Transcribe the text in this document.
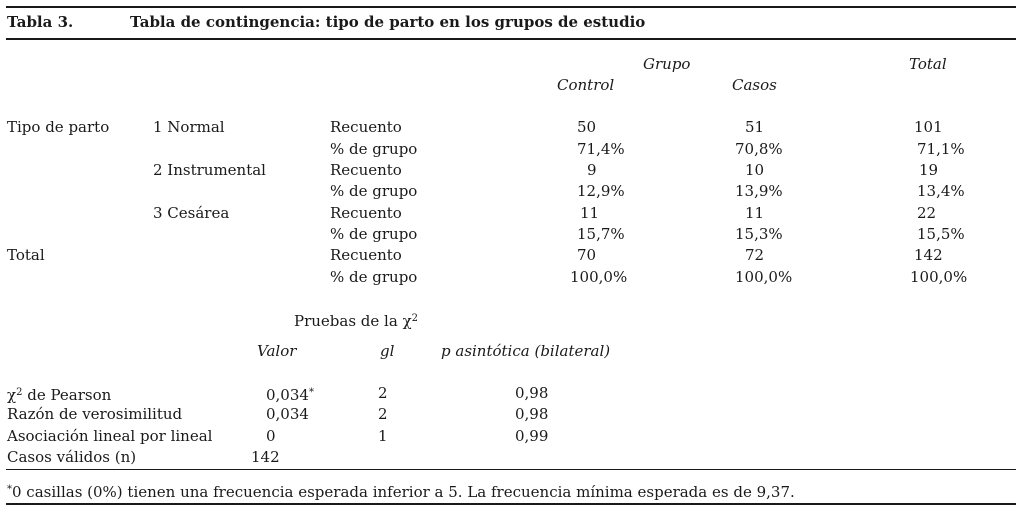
Tabla 3.	Tabla de contingencia: tipo de parto en los grupos de estudio
Grupo	Total
Control	Casos
Tipo de parto	1 Normal	Recuento	50	51	101
% de grupo	71,4%	70,8%	71,1%
2 Instrumental	Recuento	9	10	19
% de grupo	12,9%	13,9%	13,4%
3 Cesárea	Recuento	11	11	22
% de grupo	15,7%	15,3%	15,5%
Total	Recuento	70	72	142
% de grupo	100,0%	100,0%	100,0%
Pruebas de la $\chi^2$
Valor	gl	p asintótica (bilateral)
$\chi^2$ de Pearson	0,034*	2	0,98
Razón de verosimilitud	0,034	2	0,98
Asociación lineal por lineal	0	1	0,99
Casos válidos (n)	142
*0 casillas (0%) tienen una frecuencia esperada inferior a 5. La frecuencia mínima esperada es de 9,37.
